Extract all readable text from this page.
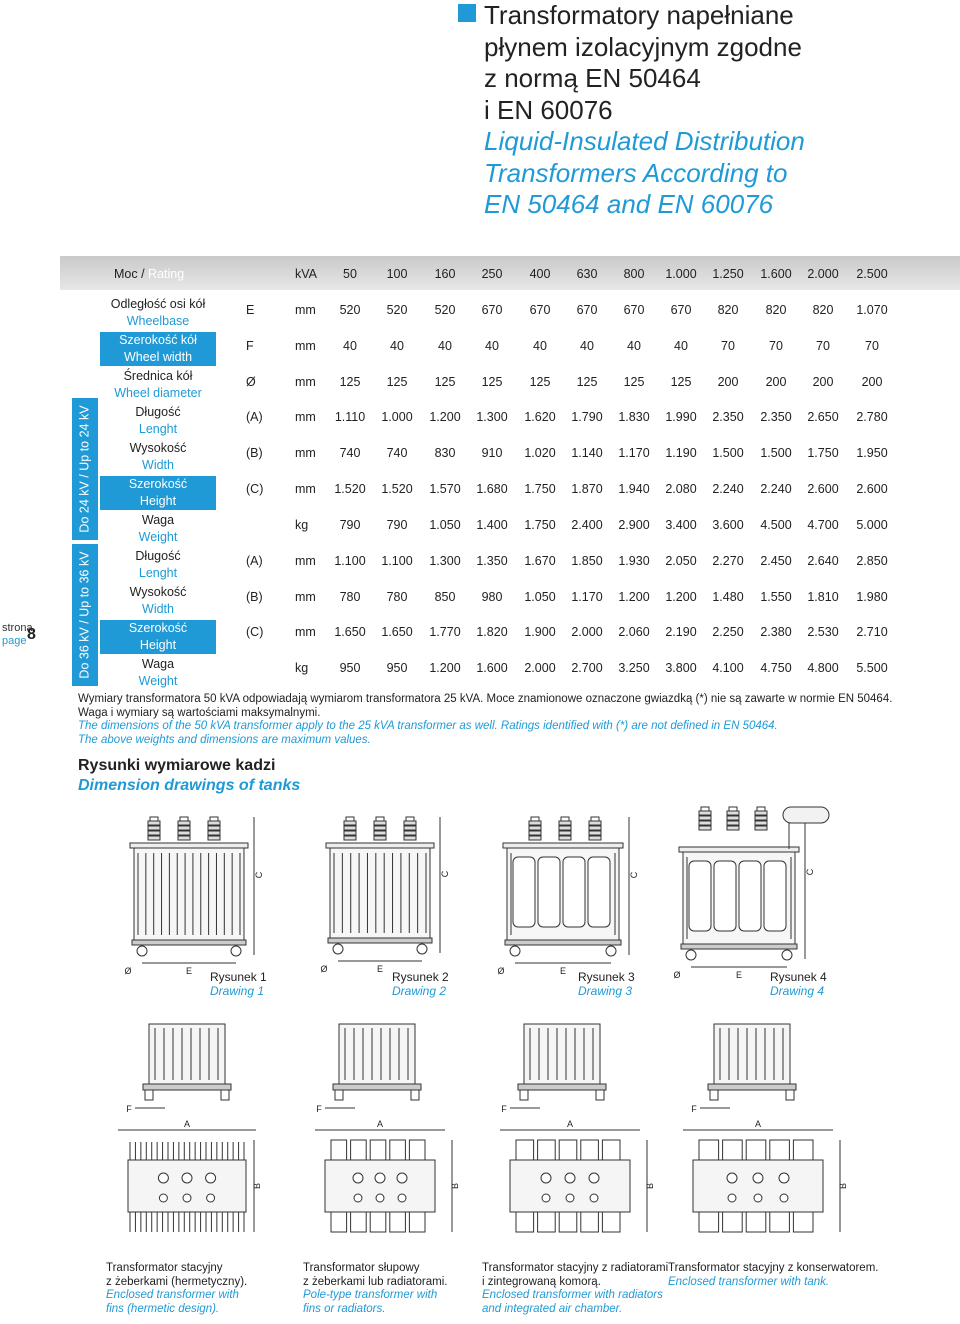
Transformatory napełniane
płynem izolacyjnym zgodne
z normą EN 50464
i EN 60076
Liquid-Insulated Distribution
Transformers According to
EN 50464 and EN 60076
strona
page 8
Moc / Rating	kVA	50	100	160	250	400	630	800	1.000	1.250	1.600	2.000	2.500
Odległość osi kół
Wheelbase
E	mm	520	520	520	670	670	670	670	670	820	820	820	1.070
Szerokość kół
Wheel width
F	mm	40	40	40	40	40	40	40	40	70	70	70	70
Średnica kół
Wheel diameter
Ø	mm	125	125	125	125	125	125	125	125	200	200	200	200
Długość
Lenght
(A)	mm	1.110	1.000	1.200	1.300	1.620	1.790	1.830	1.990	2.350	2.350	2.650	2.780
Wysokość
Width
(B)	mm	740	740	830	910	1.020	1.140	1.170	1.190	1.500	1.500	1.750	1.950
Szerokość
Height
(C)	mm	1.520	1.520	1.570	1.680	1.750	1.870	1.940	2.080	2.240	2.240	2.600	2.600
Waga
Weight
kg	790	790	1.050	1.400	1.750	2.400	2.900	3.400	3.600	4.500	4.700	5.000
Długość
Lenght
(A)	mm	1.100	1.100	1.300	1.350	1.670	1.850	1.930	2.050	2.270	2.450	2.640	2.850
Wysokość
Width
(B)	mm	780	780	850	980	1.050	1.170	1.200	1.200	1.480	1.550	1.810	1.980
Szerokość
Height
(C)	mm	1.650	1.650	1.770	1.820	1.900	2.000	2.060	2.190	2.250	2.380	2.530	2.710
Waga
Weight
kg	950	950	1.200	1.600	2.000	2.700	3.250	3.800	4.100	4.750	4.800	5.500
Do 24 kV / Up to 24 kV
Do 36 kV / Up to 36 kV
Wymiary transformatora 50 kVA odpowiadają wymiarom transformatora 25 kVA. Moce znamionowe oznaczone gwiazdką (*) nie są zawarte w normie EN 50464.
Waga i wymiary są wartościami maksymalnymi.
The dimensions of the 50 kVA transformer apply to the 25 kVA transformer as well. Ratings identified with (*) are not defined in EN 50464.
The above weights and dimensions are maximum values.
Rysunki wymiarowe kadzi
Dimension drawings of tanks
C
E
Ø
C
E
Ø
C
E
Ø
C
E
Ø
A
B
A
B
A
B
A
B
F	F	F	F
Rysunek 1
Drawing 1
Rysunek 2
Drawing 2
Rysunek 3
Drawing 3
Rysunek 4
Drawing 4
Transformator stacyjny
z żeberkami (hermetyczny).
Enclosed transformer with
fins (hermetic design).
Transformator słupowy
z żeberkami lub radiatorami.
Pole-type transformer with
fins or radiators.
Transformator stacyjny z radiatorami
i zintegrowaną komorą.
Enclosed transformer with radiators
and integrated air chamber.
Transformator stacyjny z konserwatorem.
Enclosed transformer with tank.
